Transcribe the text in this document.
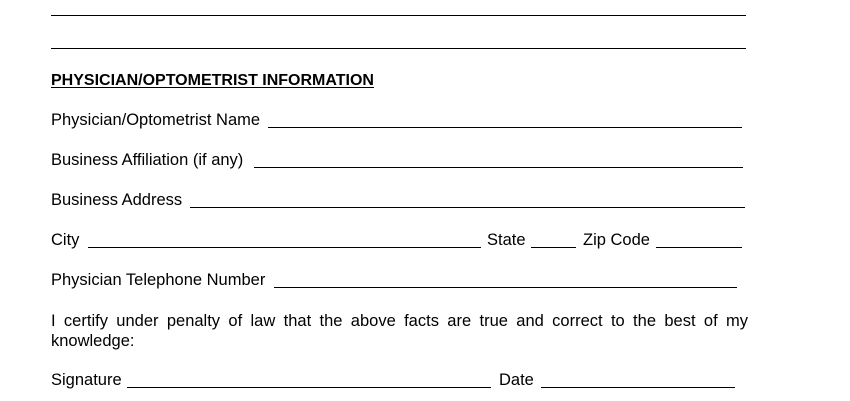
PHYSICIAN/OPTOMETRIST INFORMATION
Physician/Optometrist Name
Business Affiliation (if any)
Business Address
City	State	Zip Code
Physician Telephone Number
I certify under penalty of law that the above facts are true and correct to the best of my knowledge:
Signature	Date
